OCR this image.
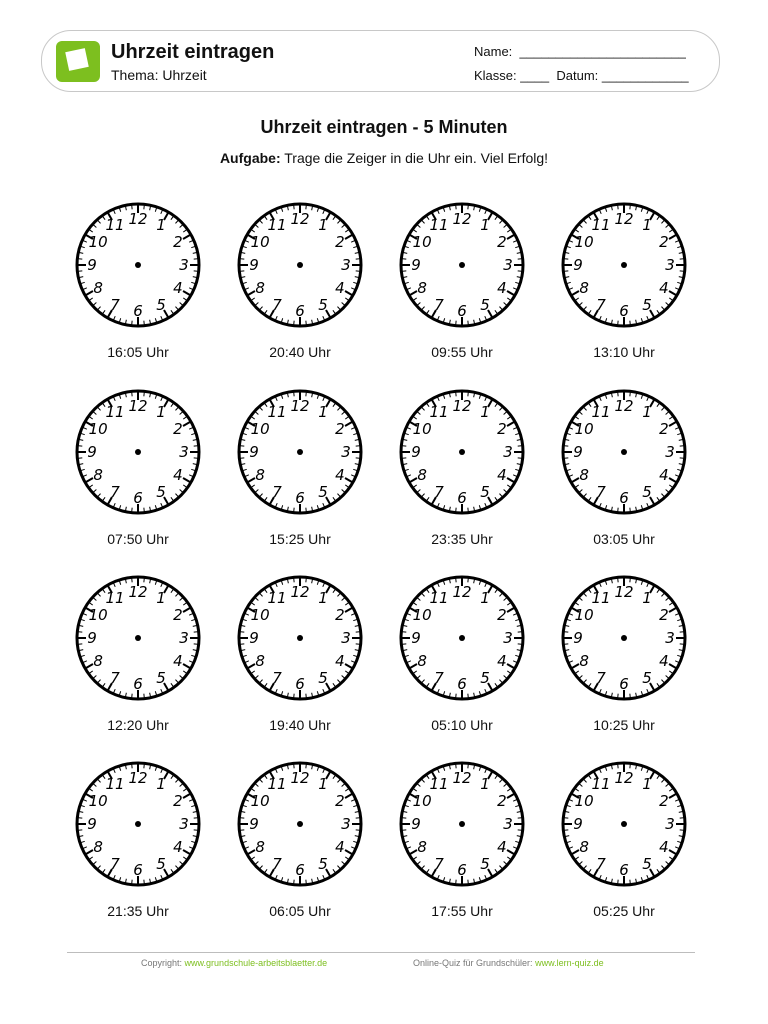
Uhrzeit eintragen
Thema: Uhrzeit
Name:  _______________________
Klasse: ____  Datum: ____________
Uhrzeit eintragen - 5 Minuten
Aufgabe: Trage die Zeiger in die Uhr ein. Viel Erfolg!
12 1
2
3
4
5
6
7
8
9
10
11
16:05 Uhr
12 1
2
3
4
5
6
7
8
9
10
11
20:40 Uhr
12 1
2
3
4
5
6
7
8
9
10
11
09:55 Uhr
12 1
2
3
4
5
6
7
8
9
10
11
13:10 Uhr
12 1
2
3
4
5
6
7
8
9
10
11
07:50 Uhr
12 1
2
3
4
5
6
7
8
9
10
11
15:25 Uhr
12 1
2
3
4
5
6
7
8
9
10
11
23:35 Uhr
12 1
2
3
4
5
6
7
8
9
10
11
03:05 Uhr
12 1
2
3
4
5
6
7
8
9
10
11
12:20 Uhr
12 1
2
3
4
5
6
7
8
9
10
11
19:40 Uhr
12 1
2
3
4
5
6
7
8
9
10
11
05:10 Uhr
12 1
2
3
4
5
6
7
8
9
10
11
10:25 Uhr
12 1
2
3
4
5
6
7
8
9
10
11
21:35 Uhr
12 1
2
3
4
5
6
7
8
9
10
11
06:05 Uhr
12 1
2
3
4
5
6
7
8
9
10
11
17:55 Uhr
12 1
2
3
4
5
6
7
8
9
10
11
05:25 Uhr
Copyright: www.grundschule-arbeitsblaetter.de	Online-Quiz für Grundschüler: www.lern-quiz.de
